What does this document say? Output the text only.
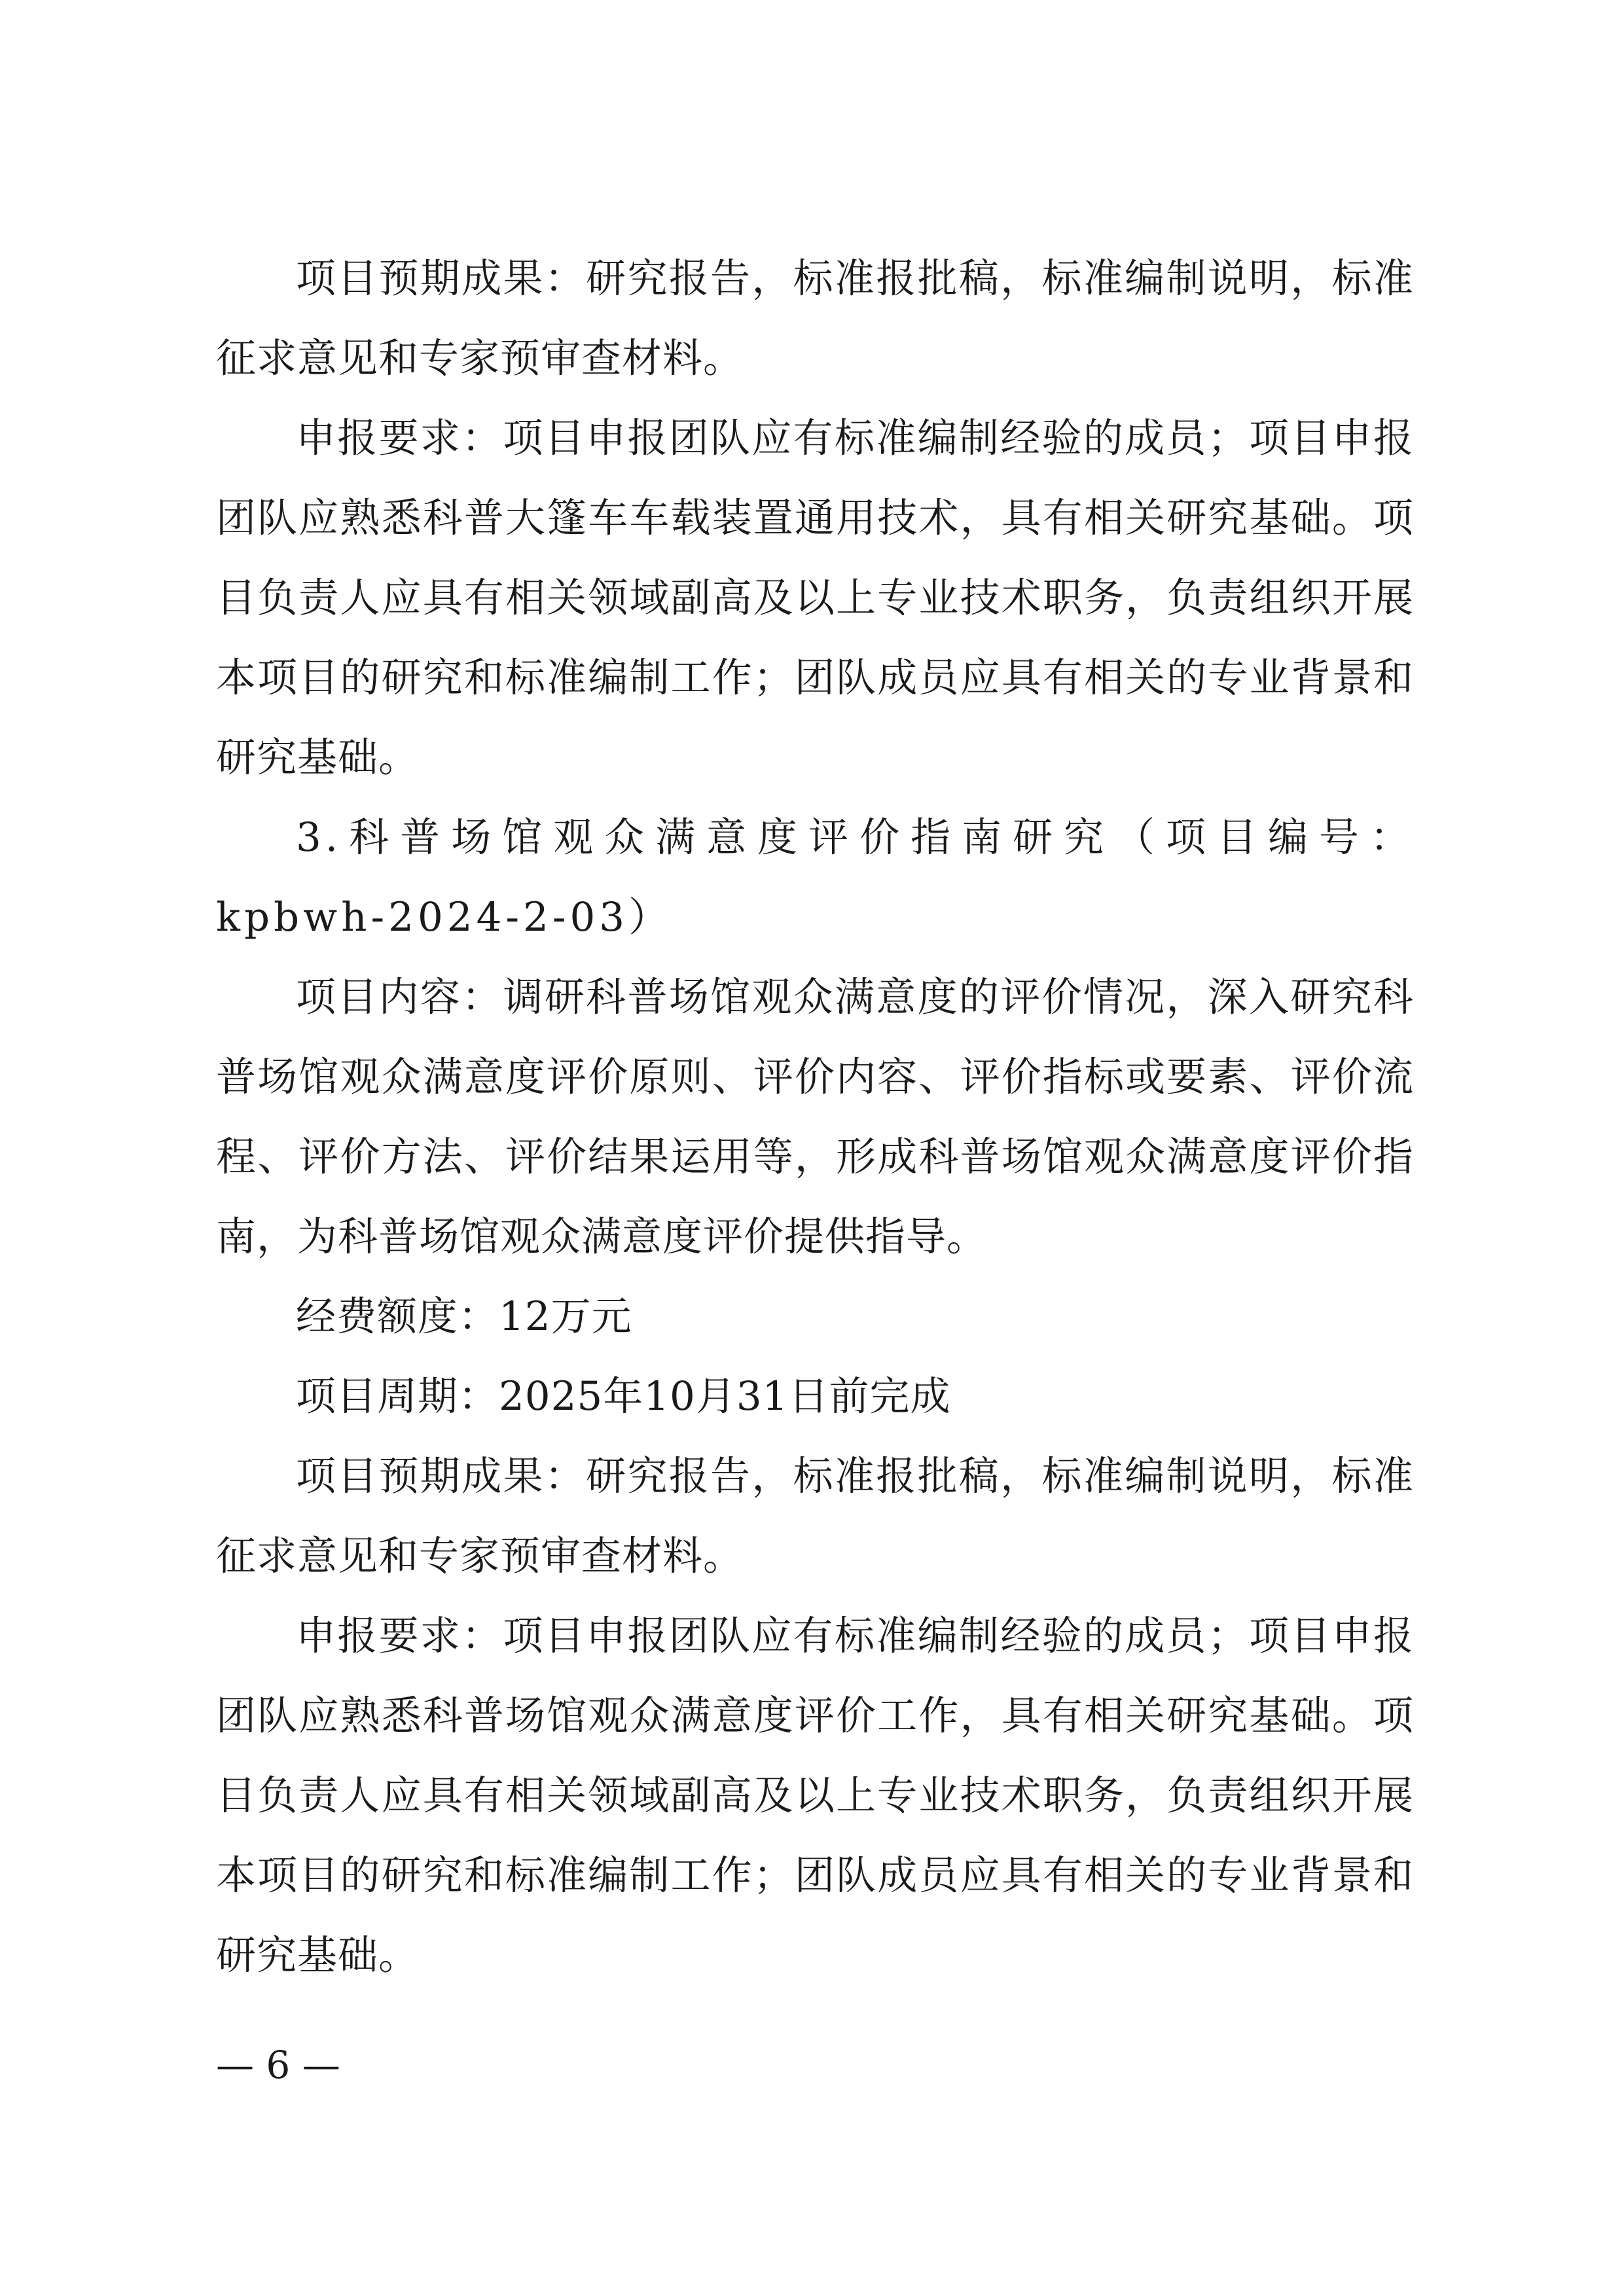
项目预期成果：研究报告，标准报批稿，标准编制说明，标准征求意见和专家预审查材料。

申报要求：项目申报团队应有标准编制经验的成员；项目申报团队应熟悉科普大篷车车载装置通用技术，具有相关研究基础。项目负责人应具有相关领域副高及以上专业技术职务，负责组织开展本项目的研究和标准编制工作；团队成员应具有相关的专业背景和研究基础。

3.科普场馆观众满意度评价指南研究（项目编号：kpbwh-2024-2-03）

项目内容：调研科普场馆观众满意度的评价情况，深入研究科普场馆观众满意度评价原则、评价内容、评价指标或要素、评价流程、评价方法、评价结果运用等，形成科普场馆观众满意度评价指南，为科普场馆观众满意度评价提供指导。

经费额度：12万元

项目周期：2025年10月31日前完成

项目预期成果：研究报告，标准报批稿，标准编制说明，标准征求意见和专家预审查材料。

申报要求：项目申报团队应有标准编制经验的成员；项目申报团队应熟悉科普场馆观众满意度评价工作，具有相关研究基础。项目负责人应具有相关领域副高及以上专业技术职务，负责组织开展本项目的研究和标准编制工作；团队成员应具有相关的专业背景和研究基础。

— 6 —
